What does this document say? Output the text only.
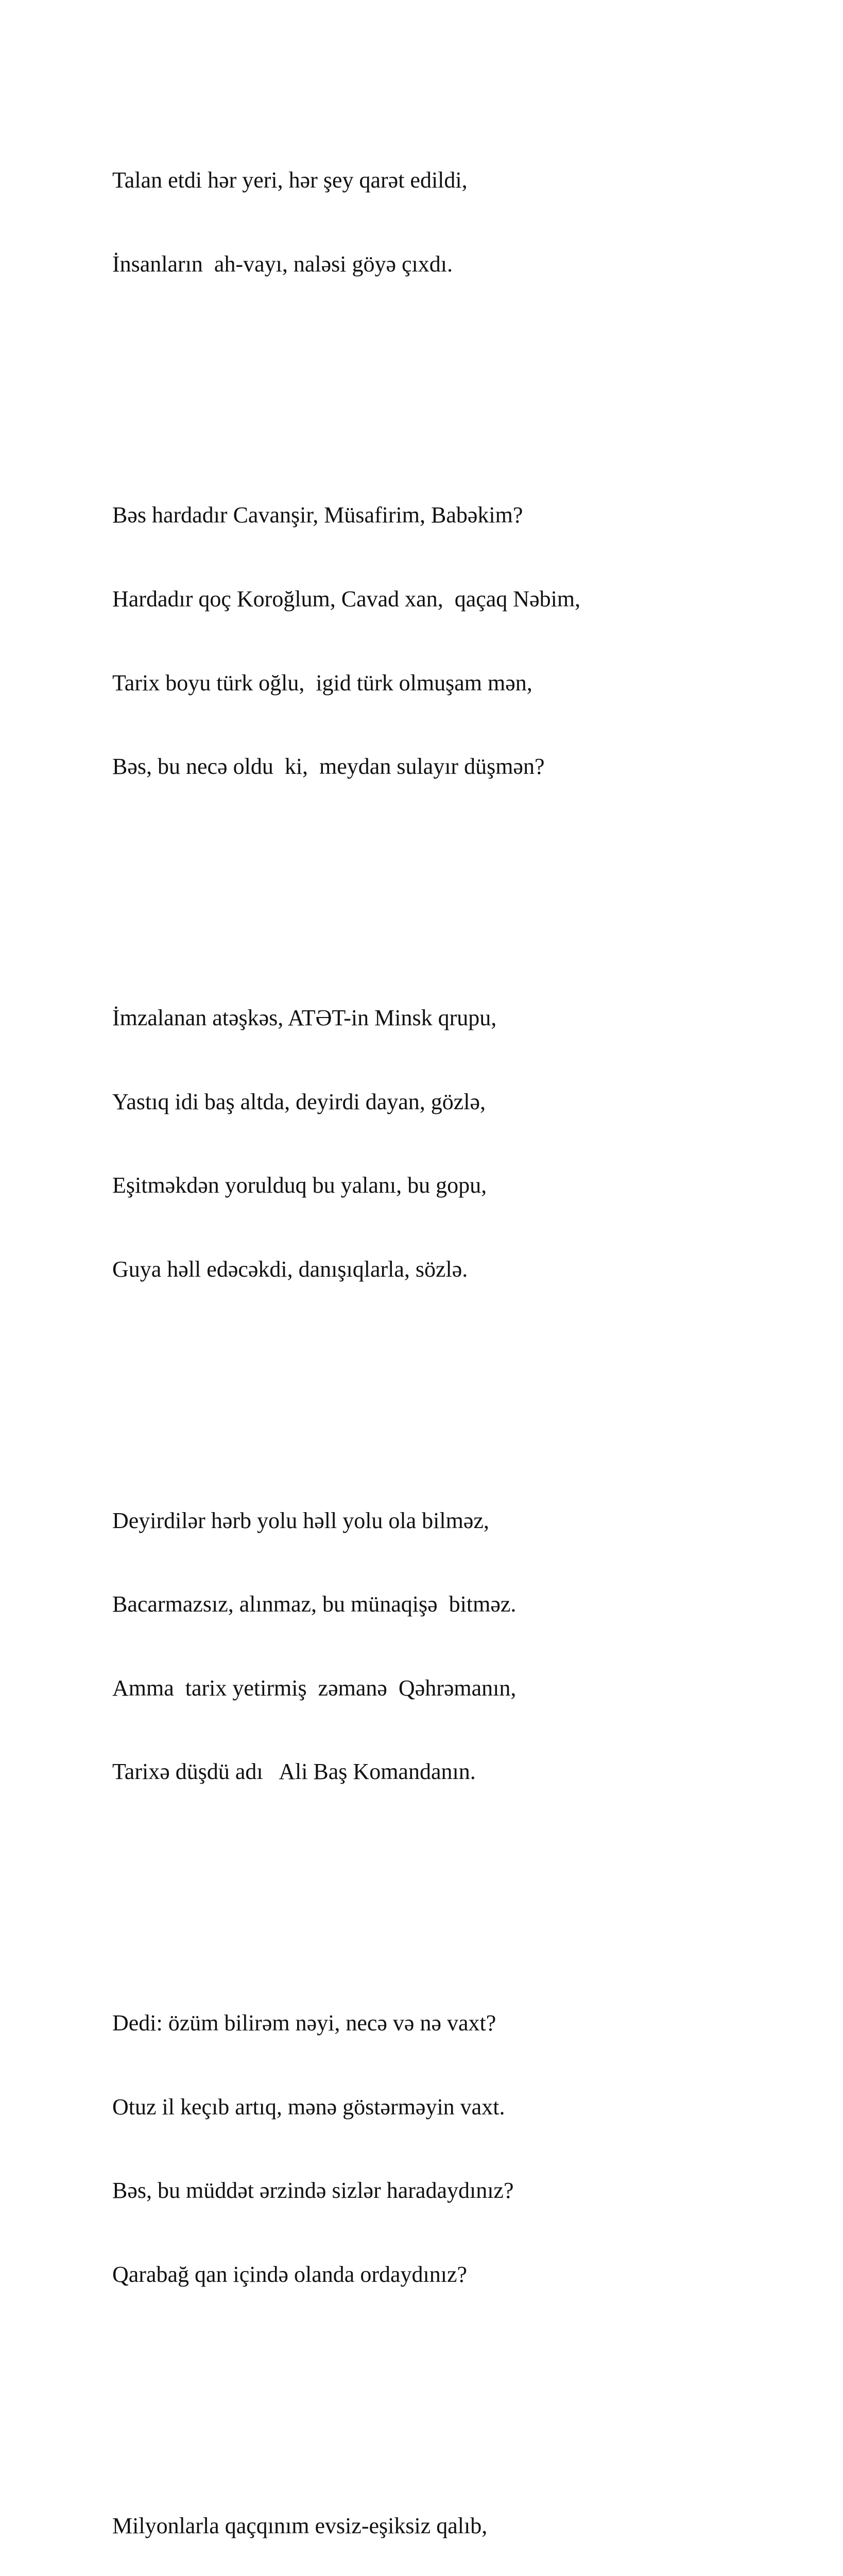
Talan etdi hər yeri, hər şey qarət edildi,

İnsanların  ah-vayı, naləsi göyə çıxdı.

Bəs hardadır Cavanşir, Müsafirim, Babəkim?

Hardadır qoç Koroğlum, Cavad xan,  qaçaq Nəbim,

Tarix boyu türk oğlu,  igid türk olmuşam mən,

Bəs, bu necə oldu  ki,  meydan sulayır düşmən?

İmzalanan atəşkəs, ATƏT-in Minsk qrupu,

Yastıq idi baş altda, deyirdi dayan, gözlə,

Eşitməkdən yorulduq bu yalanı, bu gopu,

Guya həll edəcəkdi, danışıqlarla, sözlə.

Deyirdilər hərb yolu həll yolu ola bilməz,

Bacarmazsız, alınmaz, bu münaqişə  bitməz.

Amma  tarix yetirmiş  zəmanə  Qəhrəmanın,

Tarixə düşdü adı   Ali Baş Komandanın.

Dedi: özüm bilirəm nəyi, necə və nə vaxt?

Otuz il keçıb artıq, mənə göstərməyin vaxt.

Bəs, bu müddət ərzində sizlər haradaydınız?

Qarabağ qan içində olanda ordaydınız?

Milyonlarla qaçqınım evsiz-eşiksiz qalıb,
